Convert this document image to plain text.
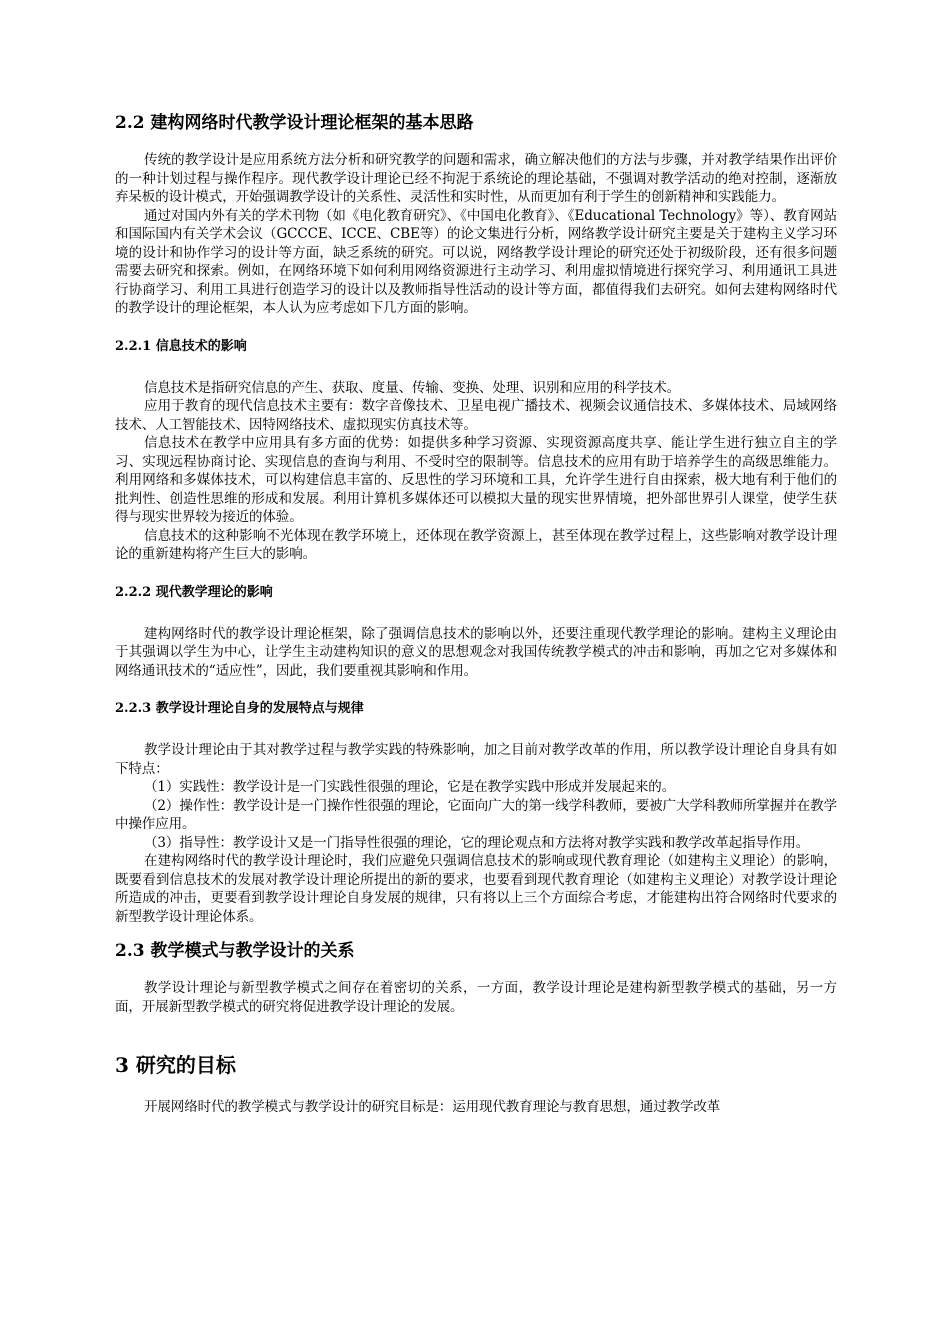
2.2 建构网络时代教学设计理论框架的基本思路

传统的教学设计是应用系统方法分析和研究教学的问题和需求，确立解决他们的方法与步骤，并对教学结果作出评价的一种计划过程与操作程序。现代教学设计理论已经不拘泥于系统论的理论基础，不强调对教学活动的绝对控制，逐渐放弃呆板的设计模式，开始强调教学设计的关系性、灵活性和实时性，从而更加有利于学生的创新精神和实践能力。

通过对国内外有关的学术刊物（如《电化教育研究》、《中国电化教育》、《Educational Technology》等）、教育网站和国际国内有关学术会议（GCCCE、ICCE、CBE等）的论文集进行分析，网络教学设计研究主要是关于建构主义学习环境的设计和协作学习的设计等方面，缺乏系统的研究。可以说，网络教学设计理论的研究还处于初级阶段，还有很多问题需要去研究和探索。例如，在网络环境下如何利用网络资源进行主动学习、利用虚拟情境进行探究学习、利用通讯工具进行协商学习、利用工具进行创造学习的设计以及教师指导性活动的设计等方面，都值得我们去研究。如何去建构网络时代的教学设计的理论框架，本人认为应考虑如下几方面的影响。

2.2.1 信息技术的影响

信息技术是指研究信息的产生、获取、度量、传输、变换、处理、识别和应用的科学技术。

应用于教育的现代信息技术主要有：数字音像技术、卫星电视广播技术、视频会议通信技术、多媒体技术、局域网络技术、人工智能技术、因特网络技术、虚拟现实仿真技术等。

信息技术在教学中应用具有多方面的优势：如提供多种学习资源、实现资源高度共享、能让学生进行独立自主的学习、实现远程协商讨论、实现信息的查询与利用、不受时空的限制等。信息技术的应用有助于培养学生的高级思维能力。利用网络和多媒体技术，可以构建信息丰富的、反思性的学习环境和工具，允许学生进行自由探索，极大地有利于他们的批判性、创造性思维的形成和发展。利用计算机多媒体还可以模拟大量的现实世界情境，把外部世界引人课堂，使学生获得与现实世界较为接近的体验。

信息技术的这种影响不光体现在教学环境上，还体现在教学资源上，甚至体现在教学过程上，这些影响对教学设计理论的重新建构将产生巨大的影响。

2.2.2 现代教学理论的影响

建构网络时代的教学设计理论框架，除了强调信息技术的影响以外，还要注重现代教学理论的影响。建构主义理论由于其强调以学生为中心，让学生主动建构知识的意义的思想观念对我国传统教学模式的冲击和影响，再加之它对多媒体和网络通讯技术的“适应性”，因此，我们要重视其影响和作用。

2.2.3 教学设计理论自身的发展特点与规律

教学设计理论由于其对教学过程与教学实践的特殊影响，加之目前对教学改革的作用，所以教学设计理论自身具有如下特点：

（1）实践性：教学设计是一门实践性很强的理论，它是在教学实践中形成并发展起来的。

（2）操作性：教学设计是一门操作性很强的理论，它面向广大的第一线学科教师，要被广大学科教师所掌握并在教学中操作应用。

（3）指导性：教学设计又是一门指导性很强的理论，它的理论观点和方法将对教学实践和教学改革起指导作用。

在建构网络时代的教学设计理论时，我们应避免只强调信息技术的影响或现代教育理论（如建构主义理论）的影响，既要看到信息技术的发展对教学设计理论所提出的新的要求，也要看到现代教育理论（如建构主义理论）对教学设计理论所造成的冲击，更要看到教学设计理论自身发展的规律，只有将以上三个方面综合考虑，才能建构出符合网络时代要求的新型教学设计理论体系。

2.3 教学模式与教学设计的关系

教学设计理论与新型教学模式之间存在着密切的关系，一方面，教学设计理论是建构新型教学模式的基础，另一方面，开展新型教学模式的研究将促进教学设计理论的发展。

3 研究的目标

开展网络时代的教学模式与教学设计的研究目标是：运用现代教育理论与教育思想，通过教学改革
